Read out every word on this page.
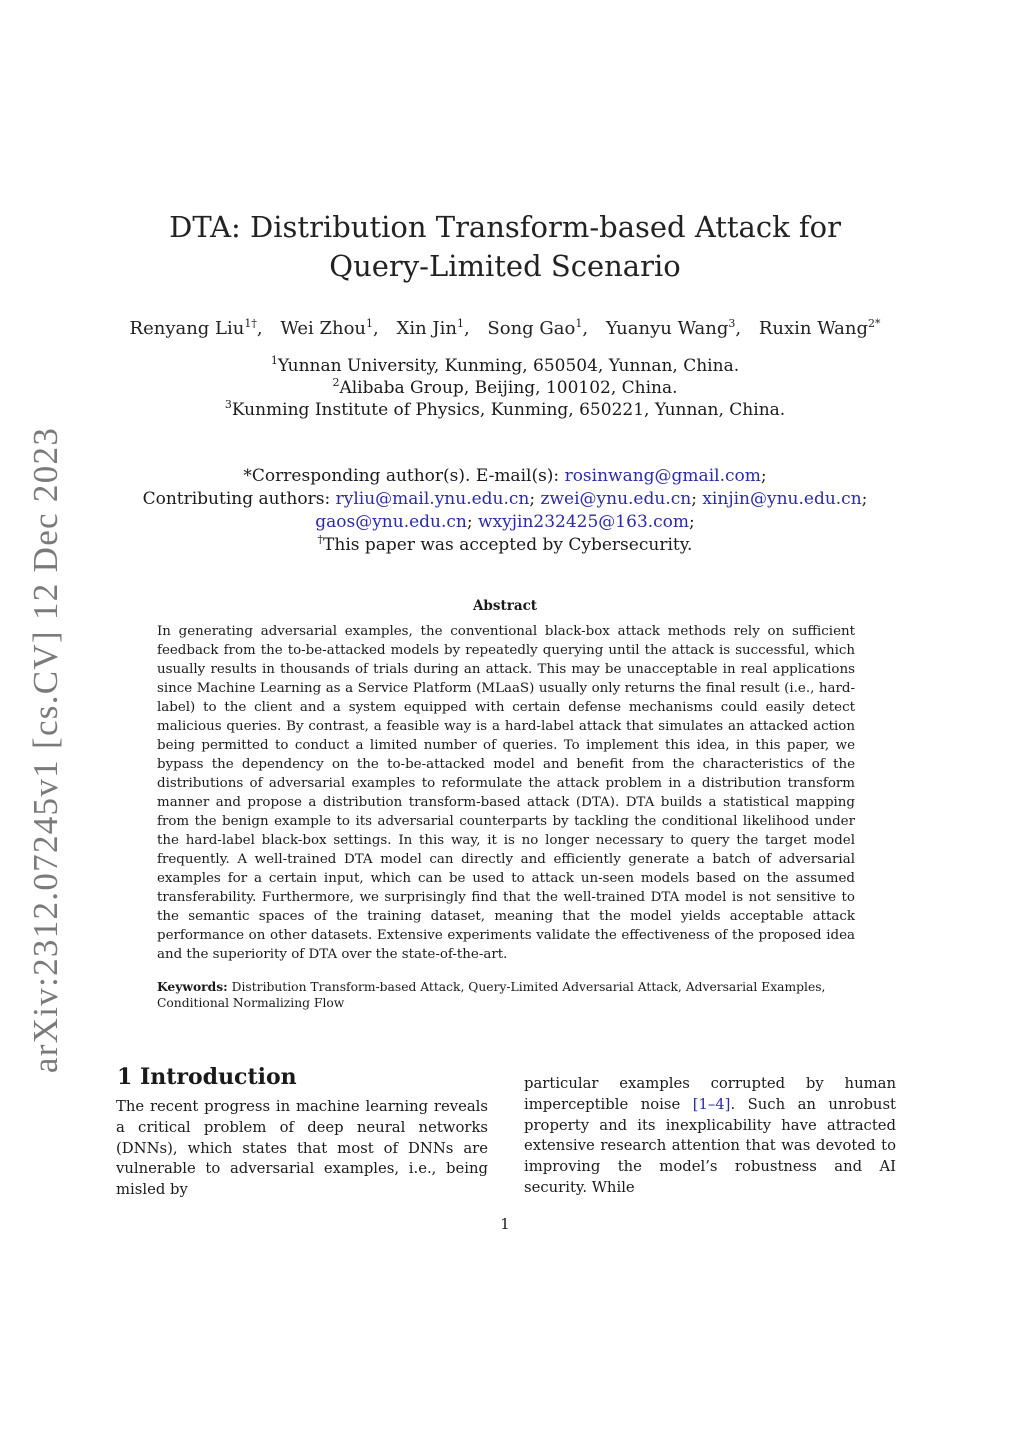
arXiv:2312.07245v1 [cs.CV] 12 Dec 2023
DTA: Distribution Transform-based Attack for Query-Limited Scenario
Renyang Liu$^{1\dagger}$, Wei Zhou$^1$, Xin Jin$^1$, Song Gao$^1$, Yuanyu Wang$^3$, Ruxin Wang$^{2*}$
$^1$Yunnan University, Kunming, 650504, Yunnan, China.
$^2$Alibaba Group, Beijing, 100102, China.
$^3$Kunming Institute of Physics, Kunming, 650221, Yunnan, China.
*Corresponding author(s). E-mail(s): rosinwang@gmail.com;
Contributing authors: ryliu@mail.ynu.edu.cn; zwei@ynu.edu.cn; xinjin@ynu.edu.cn;
gaos@ynu.edu.cn; wxyjin232425@163.com;
†This paper was accepted by Cybersecurity.
Abstract

In generating adversarial examples, the conventional black-box attack methods rely on sufficient feedback from the to-be-attacked models by repeatedly querying until the attack is successful, which usually results in thousands of trials during an attack. This may be unacceptable in real applications since Machine Learning as a Service Platform (MLaaS) usually only returns the final result (i.e., hard-label) to the client and a system equipped with certain defense mechanisms could easily detect malicious queries. By contrast, a feasible way is a hard-label attack that simulates an attacked action being permitted to conduct a limited number of queries. To implement this idea, in this paper, we bypass the dependency on the to-be-attacked model and benefit from the characteristics of the distributions of adversarial examples to reformulate the attack problem in a distribution transform manner and propose a distribution transform-based attack (DTA). DTA builds a statistical mapping from the benign example to its adversarial counterparts by tackling the conditional likelihood under the hard-label black-box settings. In this way, it is no longer necessary to query the target model frequently. A well-trained DTA model can directly and efficiently generate a batch of adversarial examples for a certain input, which can be used to attack un-seen models based on the assumed transferability. Furthermore, we surprisingly find that the well-trained DTA model is not sensitive to the semantic spaces of the training dataset, meaning that the model yields acceptable attack performance on other datasets. Extensive experiments validate the effectiveness of the proposed idea and the superiority of DTA over the state-of-the-art.

Keywords: Distribution Transform-based Attack, Query-Limited Adversarial Attack, Adversarial Examples, Conditional Normalizing Flow

1 Introduction

The recent progress in machine learning reveals a critical problem of deep neural networks (DNNs), which states that most of DNNs are vulnerable to adversarial examples, i.e., being misled by

particular examples corrupted by human imperceptible noise [1–4]. Such an unrobust property and its inexplicability have attracted extensive research attention that was devoted to improving the model’s robustness and AI security. While

1
